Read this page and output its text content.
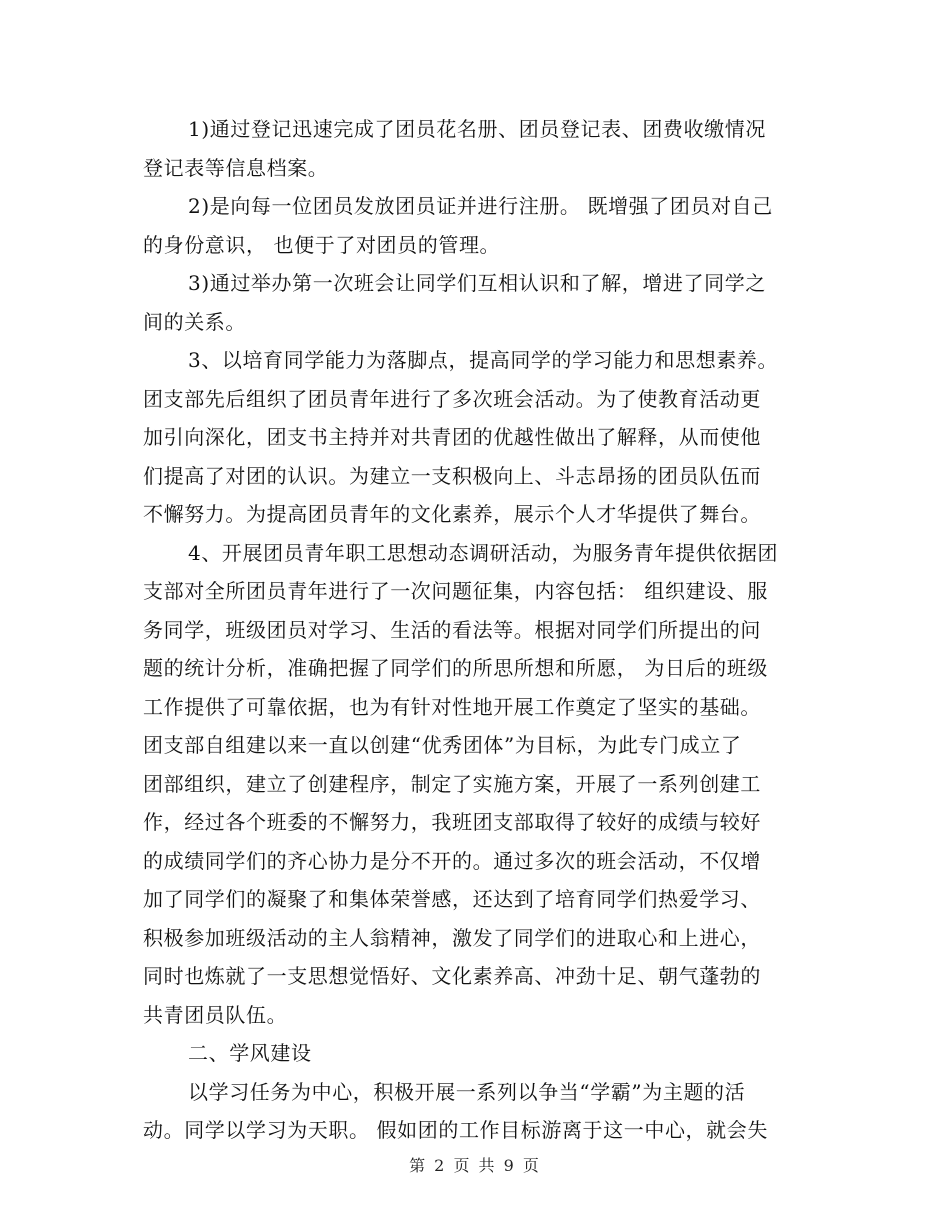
1)通过登记迅速完成了团员花名册、团员登记表、团费收缴情况
登记表等信息档案。
2)是向每一位团员发放团员证并进行注册。 既增强了团员对自己
的身份意识， 也便于了对团员的管理。
3)通过举办第一次班会让同学们互相认识和了解，增进了同学之
间的关系。
3、以培育同学能力为落脚点，提高同学的学习能力和思想素养。
团支部先后组织了团员青年进行了多次班会活动。为了使教育活动更
加引向深化，团支书主持并对共青团的优越性做出了解释，从而使他
们提高了对团的认识。为建立一支积极向上、斗志昂扬的团员队伍而
不懈努力。为提高团员青年的文化素养，展示个人才华提供了舞台。
4、开展团员青年职工思想动态调研活动，为服务青年提供依据团
支部对全所团员青年进行了一次问题征集，内容包括： 组织建设、服
务同学，班级团员对学习、生活的看法等。根据对同学们所提出的问
题的统计分析，准确把握了同学们的所思所想和所愿， 为日后的班级
工作提供了可靠依据，也为有针对性地开展工作奠定了坚实的基础。
团支部自组建以来一直以创建“优秀团体”为目标，为此专门成立了
团部组织，建立了创建程序，制定了实施方案，开展了一系列创建工
作，经过各个班委的不懈努力，我班团支部取得了较好的成绩与较好
的成绩同学们的齐心协力是分不开的。通过多次的班会活动，不仅增
加了同学们的凝聚了和集体荣誉感，还达到了培育同学们热爱学习、
积极参加班级活动的主人翁精神，激发了同学们的进取心和上进心，
同时也炼就了一支思想觉悟好、文化素养高、冲劲十足、朝气蓬勃的
共青团员队伍。
二、学风建设
以学习任务为中心，积极开展一系列以争当“学霸”为主题的活
动。同学以学习为天职。 假如团的工作目标游离于这一中心，就会失
第 2 页 共 9 页
